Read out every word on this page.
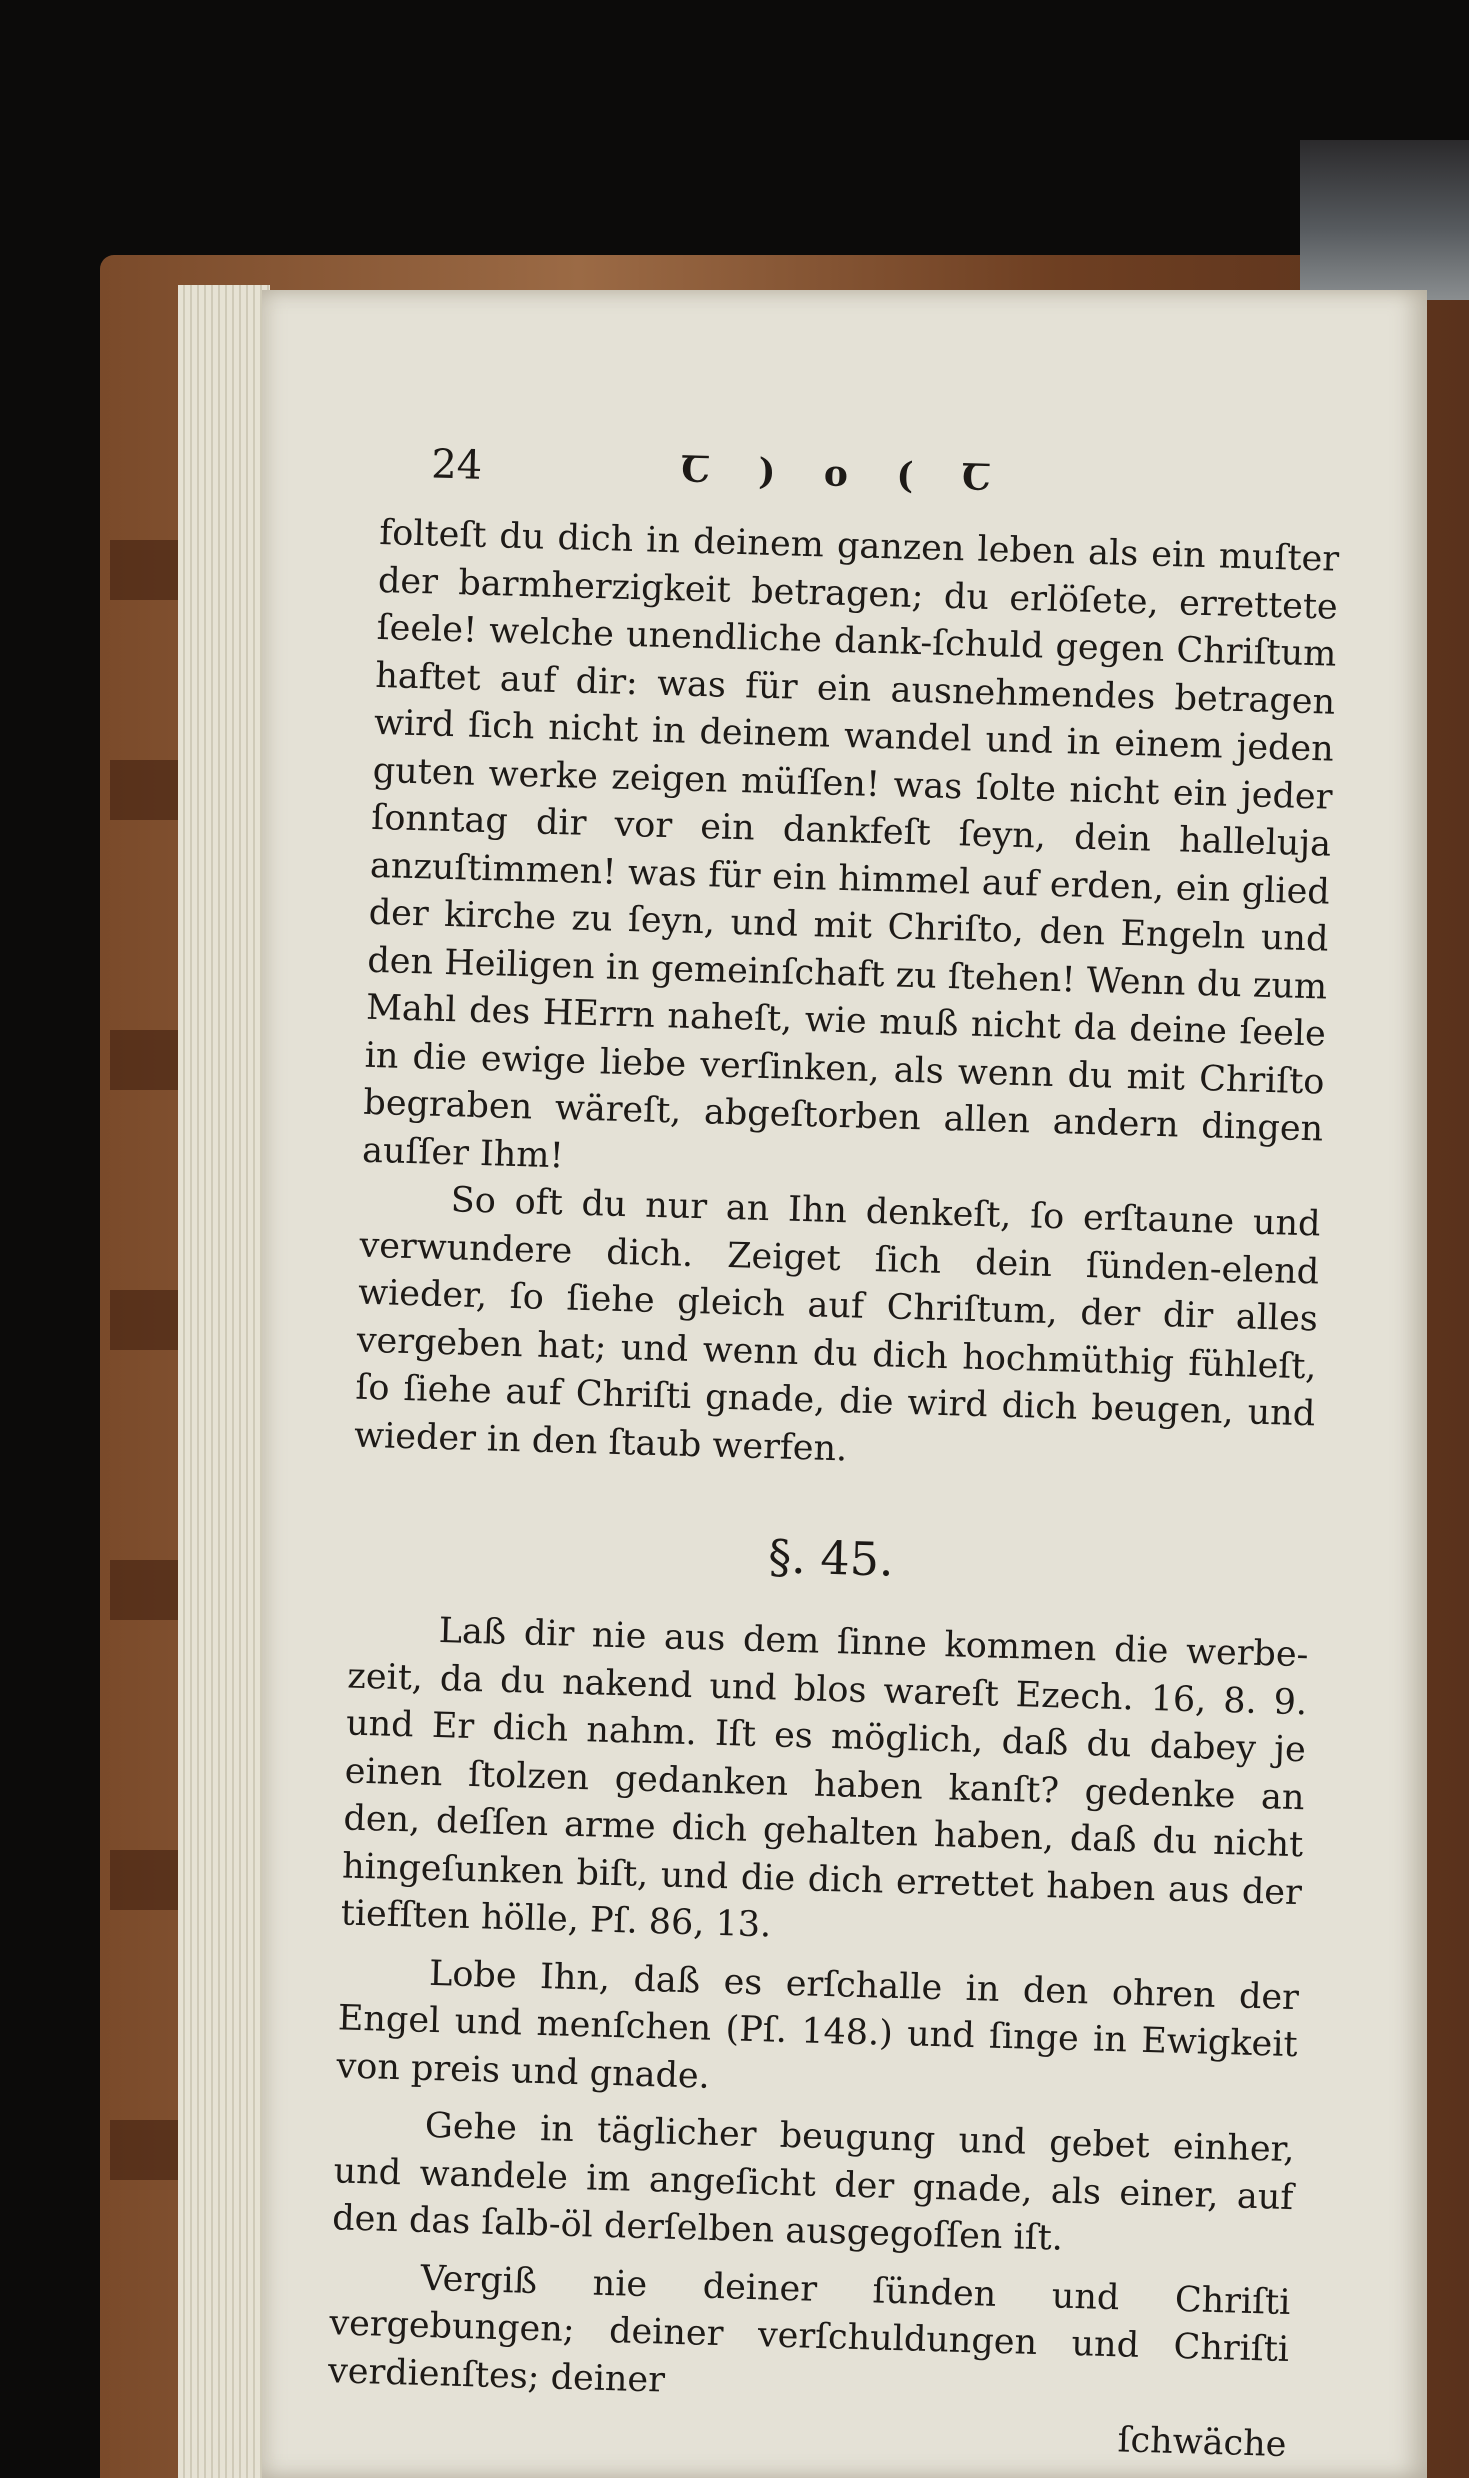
24	Ꞇ ) o ( Ꞇ

folteſt du dich in deinem ganzen leben als ein muſter der barmherzigkeit betragen; du erlöſete, errettete ſeele! welche unendliche dank-ſchuld gegen Chriſtum haftet auf dir: was für ein ausnehmendes betragen wird ſich nicht in deinem wandel und in einem jeden guten werke zeigen müſſen! was ſolte nicht ein jeder ſonntag dir vor ein dankfeſt ſeyn, dein halleluja anzuſtimmen! was für ein himmel auf erden, ein glied der kirche zu ſeyn, und mit Chriſto, den Engeln und den Heiligen in gemeinſchaft zu ſtehen! Wenn du zum Mahl des HErrn naheſt, wie muß nicht da deine ſeele in die ewige liebe verſinken, als wenn du mit Chriſto begraben wäreſt, abgeſtorben allen andern dingen auſſer Ihm!

So oft du nur an Ihn denkeſt, ſo erſtaune und verwundere dich. Zeiget ſich dein ſünden-elend wieder, ſo ſiehe gleich auf Chriſtum, der dir alles vergeben hat; und wenn du dich hochmüthig fühleſt, ſo ſiehe auf Chriſti gnade, die wird dich beugen, und wieder in den ſtaub werfen.

§. 45.

Laß dir nie aus dem ſinne kommen die werbe-zeit, da du nakend und blos wareſt Ezech. 16, 8. 9. und Er dich nahm. Iſt es möglich, daß du dabey je einen ſtolzen gedanken haben kanſt? gedenke an den, deſſen arme dich gehalten haben, daß du nicht hingeſunken biſt, und die dich errettet haben aus der tiefſten hölle, Pſ. 86, 13.

Lobe Ihn, daß es erſchalle in den ohren der Engel und menſchen (Pſ. 148.) und ſinge in Ewigkeit von preis und gnade.

Gehe in täglicher beugung und gebet einher, und wandele im angeſicht der gnade, als einer, auf den das ſalb-öl derſelben ausgegoſſen iſt.

Vergiß nie deiner ſünden und Chriſti vergebungen; deiner verſchuldungen und Chriſti verdienſtes; deiner

ſchwäche
